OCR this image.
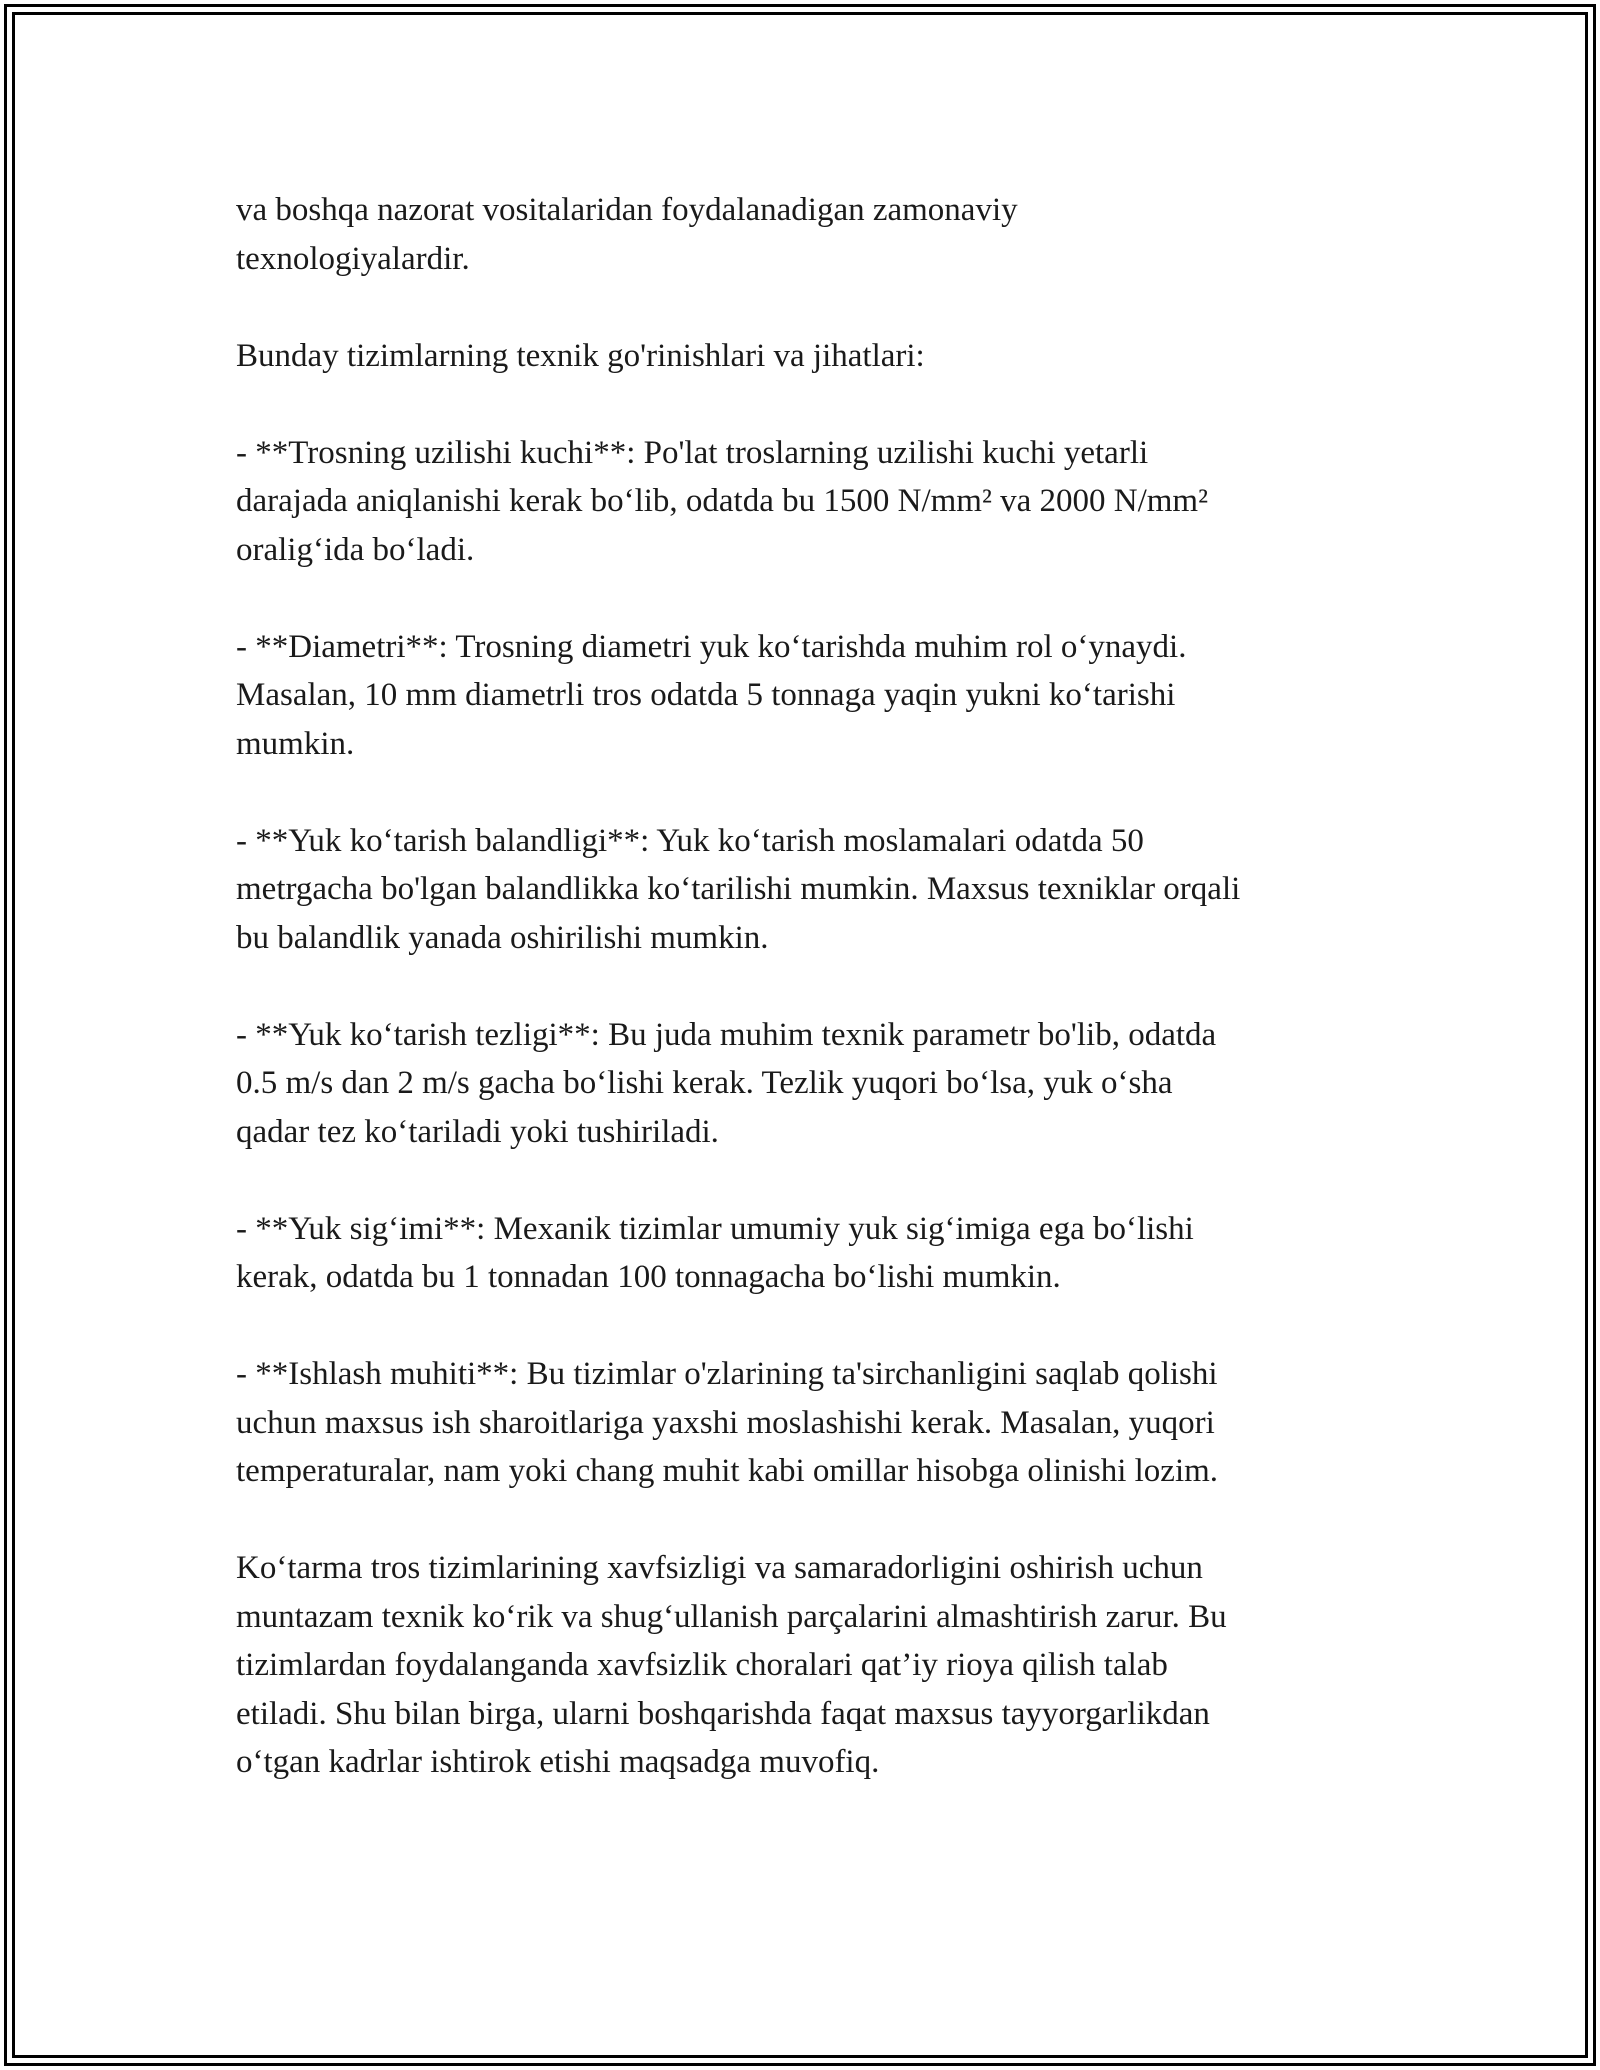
va boshqa nazorat vositalaridan foydalanadigan zamonaviy
texnologiyalardir.

Bunday tizimlarning texnik go'rinishlari va jihatlari:

- **Trosning uzilishi kuchi**: Po'lat troslarning uzilishi kuchi yetarli
darajada aniqlanishi kerak bo‘lib, odatda bu 1500 N/mm² va 2000 N/mm²
oralig‘ida bo‘ladi.

- **Diametri**: Trosning diametri yuk ko‘tarishda muhim rol o‘ynaydi.
Masalan, 10 mm diametrli tros odatda 5 tonnaga yaqin yukni ko‘tarishi
mumkin.

- **Yuk ko‘tarish balandligi**: Yuk ko‘tarish moslamalari odatda 50
metrgacha bo'lgan balandlikka ko‘tarilishi mumkin. Maxsus texniklar orqali
bu balandlik yanada oshirilishi mumkin.

- **Yuk ko‘tarish tezligi**: Bu juda muhim texnik parametr bo'lib, odatda
0.5 m/s dan 2 m/s gacha bo‘lishi kerak. Tezlik yuqori bo‘lsa, yuk o‘sha
qadar tez ko‘tariladi yoki tushiriladi.

- **Yuk sig‘imi**: Mexanik tizimlar umumiy yuk sig‘imiga ega bo‘lishi
kerak, odatda bu 1 tonnadan 100 tonnagacha bo‘lishi mumkin.

- **Ishlash muhiti**: Bu tizimlar o'zlarining ta'sirchanligini saqlab qolishi
uchun maxsus ish sharoitlariga yaxshi moslashishi kerak. Masalan, yuqori
temperaturalar, nam yoki chang muhit kabi omillar hisobga olinishi lozim.

Ko‘tarma tros tizimlarining xavfsizligi va samaradorligini oshirish uchun
muntazam texnik ko‘rik va shug‘ullanish parçalarini almashtirish zarur. Bu
tizimlardan foydalanganda xavfsizlik choralari qat’iy rioya qilish talab
etiladi. Shu bilan birga, ularni boshqarishda faqat maxsus tayyorgarlikdan
o‘tgan kadrlar ishtirok etishi maqsadga muvofiq.
